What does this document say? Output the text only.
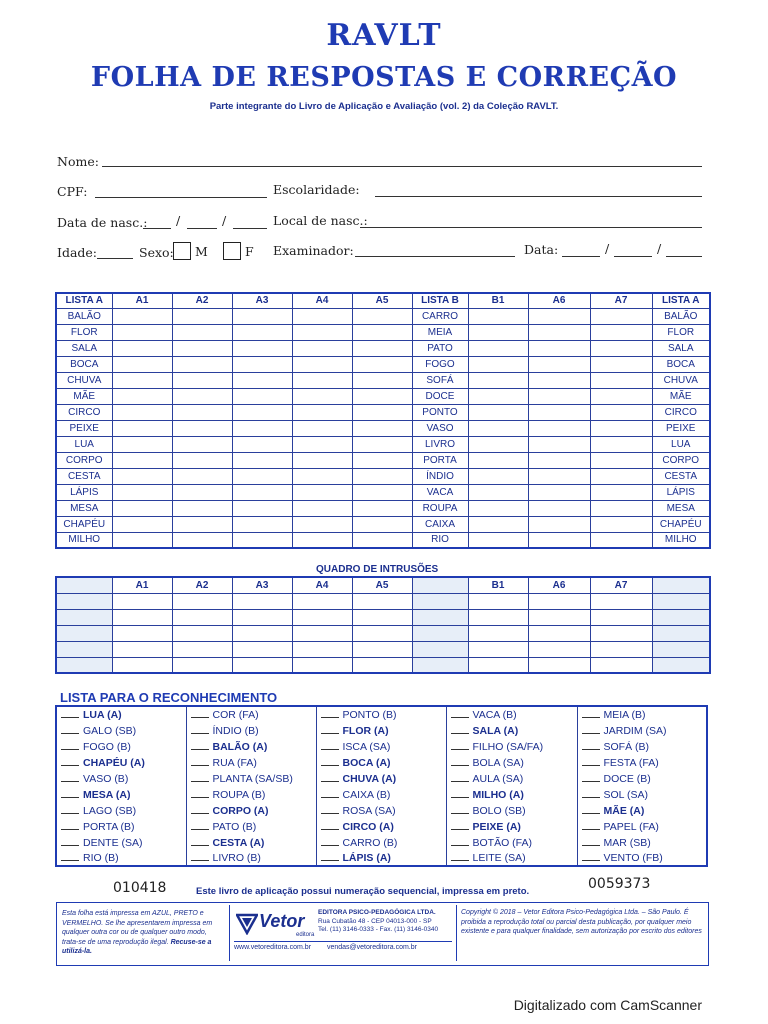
RAVLT
FOLHA DE RESPOSTAS E CORREÇÃO
Parte integrante do Livro de Aplicação e Avaliação (vol. 2) da Coleção RAVLT.
Nome:
CPF:	Escolaridade:
Data de nasc.: /	/	Local de nasc.:
Idade:	Sexo: M	F Examinador:	Data:	/	/
LISTA A	A1	A2	A3	A4	A5	LISTA B	B1	A6	A7	LISTA A
BALÃO						CARRO				BALÃO
FLOR						MEIA				FLOR
SALA						PATO				SALA
BOCA						FOGO				BOCA
CHUVA						SOFÁ				CHUVA
MÃE						DOCE				MÃE
CIRCO						PONTO				CIRCO
PEIXE						VASO				PEIXE
LUA						LIVRO				LUA
CORPO						PORTA				CORPO
CESTA						ÍNDIO				CESTA
LÁPIS						VACA				LÁPIS
MESA						ROUPA				MESA
CHAPÉU						CAIXA				CHAPÉU
MILHO						RIO				MILHO
QUADRO DE INTRUSÕES
	A1	A2	A3	A4	A5		B1	A6	A7	

LISTA PARA O RECONHECIMENTO
LUA (A)	COR (FA)	PONTO (B)	VACA (B)	MEIA (B)
GALO (SB)	ÍNDIO (B)	FLOR (A)	SALA (A)	JARDIM (SA)
FOGO (B)	BALÃO (A)	ISCA (SA)	FILHO (SA/FA)	SOFÁ (B)
CHAPÉU (A)	RUA (FA)	BOCA (A)	BOLA (SA)	FESTA (FA)
VASO (B)	PLANTA (SA/SB)	CHUVA (A)	AULA (SA)	DOCE (B)
MESA (A)	ROUPA (B)	CAIXA (B)	MILHO (A)	SOL (SA)
LAGO (SB)	CORPO (A)	ROSA (SA)	BOLO (SB)	MÃE (A)
PORTA (B)	PATO (B)	CIRCO (A)	PEIXE (A)	PAPEL (FA)
DENTE (SA)	CESTA (A)	CARRO (B)	BOTÃO (FA)	MAR (SB)
RIO (B)	LIVRO (B)	LÁPIS (A)	LEITE (SA)	VENTO (FB)
010418	Este livro de aplicação possui numeração sequencial, impressa em preto.	0059373
Esta folha está impressa em AZUL, PRETO e VERMELHO. Se lhe apresentarem impressa em qualquer outra cor ou de qualquer outro modo, trata-se de uma reprodução ilegal. Recuse-se a utilizá-la.
Vetor
editora
EDITORA PSICO-PEDAGÓGICA LTDA.
Rua Cubatão 48 - CEP 04013-000 - SP
Tel. (11) 3146-0333 - Fax. (11) 3146-0340
www.vetoreditora.com.br vendas@vetoreditora.com.br
Copyright © 2018 – Vetor Editora Psico-Pedagógica Ltda. – São Paulo. É proibida a reprodução total ou parcial desta publicação, por qualquer meio existente e para qualquer finalidade, sem autorização por escrito dos editores
Digitalizado com CamScanner
